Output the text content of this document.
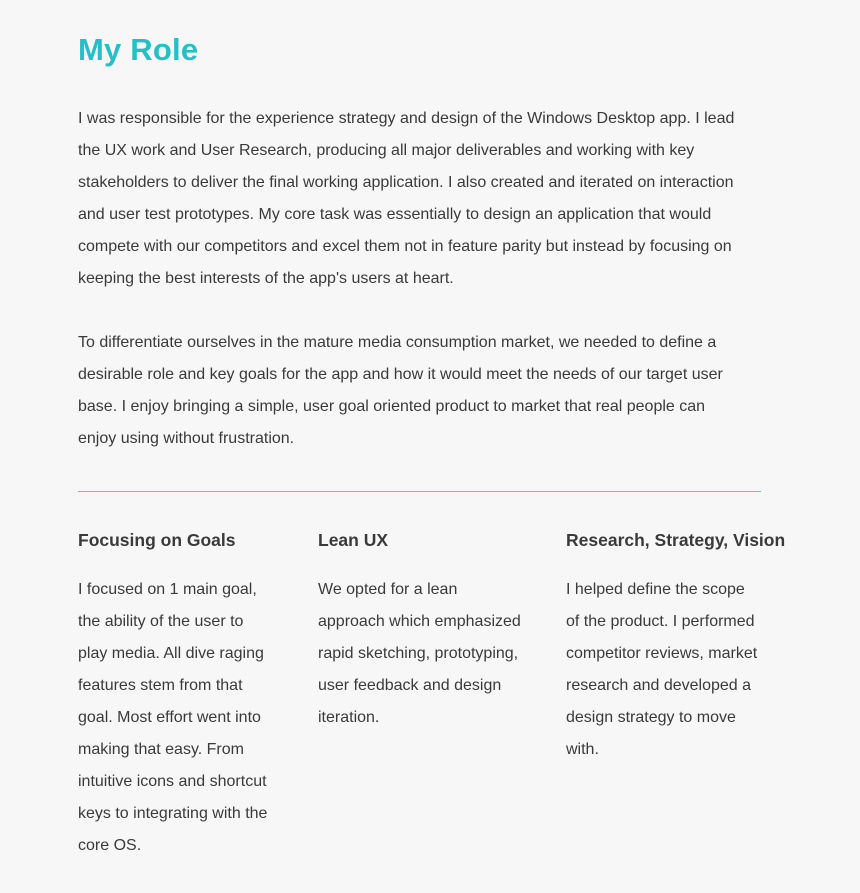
My Role
I was responsible for the experience strategy and design of the Windows Desktop app. I lead
the UX work and User Research, producing all major deliverables and working with key
stakeholders to deliver the final working application. I also created and iterated on interaction
and user test prototypes. My core task was essentially to design an application that would
compete with our competitors and excel them not in feature parity but instead by focusing on
keeping the best interests of the app's users at heart.
To differentiate ourselves in the mature media consumption market, we needed to define a
desirable role and key goals for the app and how it would meet the needs of our target user
base. I enjoy bringing a simple, user goal oriented product to market that real people can
enjoy using without frustration.
Focusing on Goals
I focused on 1 main goal,
the ability of the user to
play media. All dive raging
features stem from that
goal. Most effort went into
making that easy. From
intuitive icons and shortcut
keys to integrating with the
core OS.
Lean UX
We opted for a lean
approach which emphasized
rapid sketching, prototyping,
user feedback and design
iteration.
Research, Strategy, Vision
I helped define the scope
of the product. I performed
competitor reviews, market
research and developed a
design strategy to move
with.
